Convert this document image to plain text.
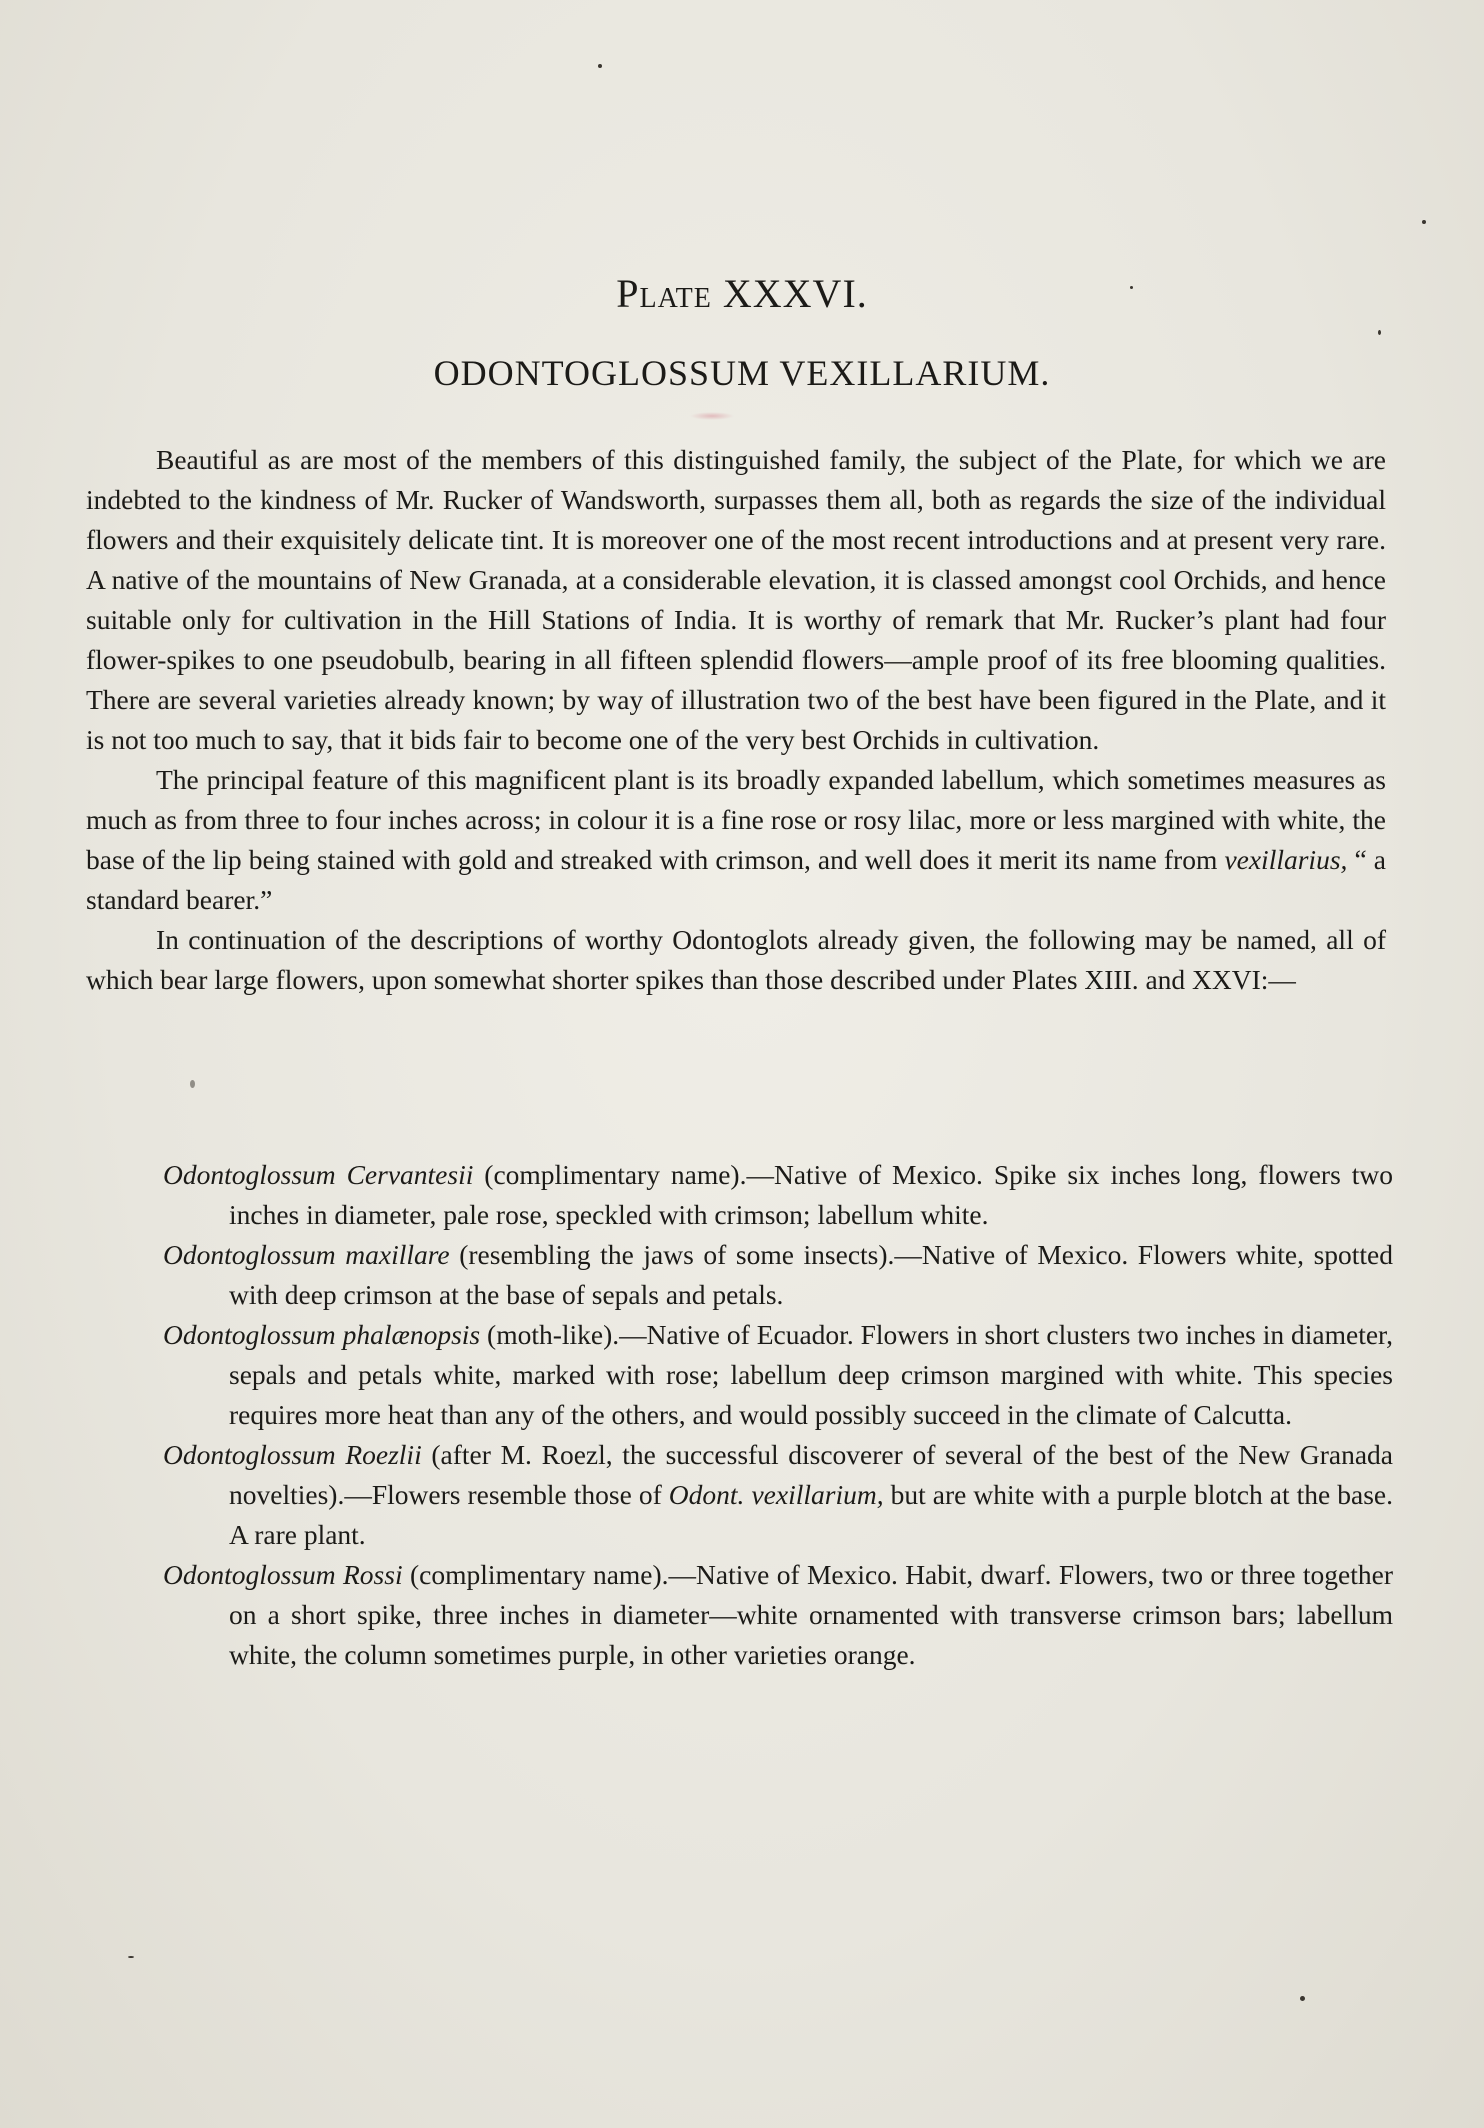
Plate XXXVI.
ODONTOGLOSSUM VEXILLARIUM.

Beautiful as are most of the members of this distinguished family, the subject of the Plate, for which we are indebted to the kindness of Mr. Rucker of Wandsworth, surpasses them all, both as regards the size of the individual flowers and their exquisitely delicate tint. It is moreover one of the most recent introductions and at present very rare. A native of the mountains of New Granada, at a considerable elevation, it is classed amongst cool Orchids, and hence suitable only for cultivation in the Hill Stations of India. It is worthy of remark that Mr. Rucker’s plant had four flower-spikes to one pseudobulb, bearing in all fifteen splendid flowers—ample proof of its free blooming qualities. There are several varieties already known; by way of illustration two of the best have been figured in the Plate, and it is not too much to say, that it bids fair to become one of the very best Orchids in cultivation.

The principal feature of this magnificent plant is its broadly expanded labellum, which sometimes measures as much as from three to four inches across; in colour it is a fine rose or rosy lilac, more or less margined with white, the base of the lip being stained with gold and streaked with crimson, and well does it merit its name from vexillarius, “ a standard bearer.”

In continuation of the descriptions of worthy Odontoglots already given, the following may be named, all of which bear large flowers, upon somewhat shorter spikes than those described under Plates XIII. and XXVI:—

Odontoglossum Cervantesii (complimentary name).—Native of Mexico. Spike six inches long, flowers two inches in diameter, pale rose, speckled with crimson; labellum white.

Odontoglossum maxillare (resembling the jaws of some insects).—Native of Mexico. Flowers white, spotted with deep crimson at the base of sepals and petals.

Odontoglossum phalænopsis (moth-like).—Native of Ecuador. Flowers in short clusters two inches in diameter, sepals and petals white, marked with rose; labellum deep crimson margined with white. This species requires more heat than any of the others, and would possibly succeed in the climate of Calcutta.

Odontoglossum Roezlii (after M. Roezl, the successful discoverer of several of the best of the New Granada novelties).—Flowers resemble those of Odont. vexillarium, but are white with a purple blotch at the base. A rare plant.

Odontoglossum Rossi (complimentary name).—Native of Mexico. Habit, dwarf. Flowers, two or three together on a short spike, three inches in diameter—white ornamented with transverse crimson bars; labellum white, the column sometimes purple, in other varieties orange.
